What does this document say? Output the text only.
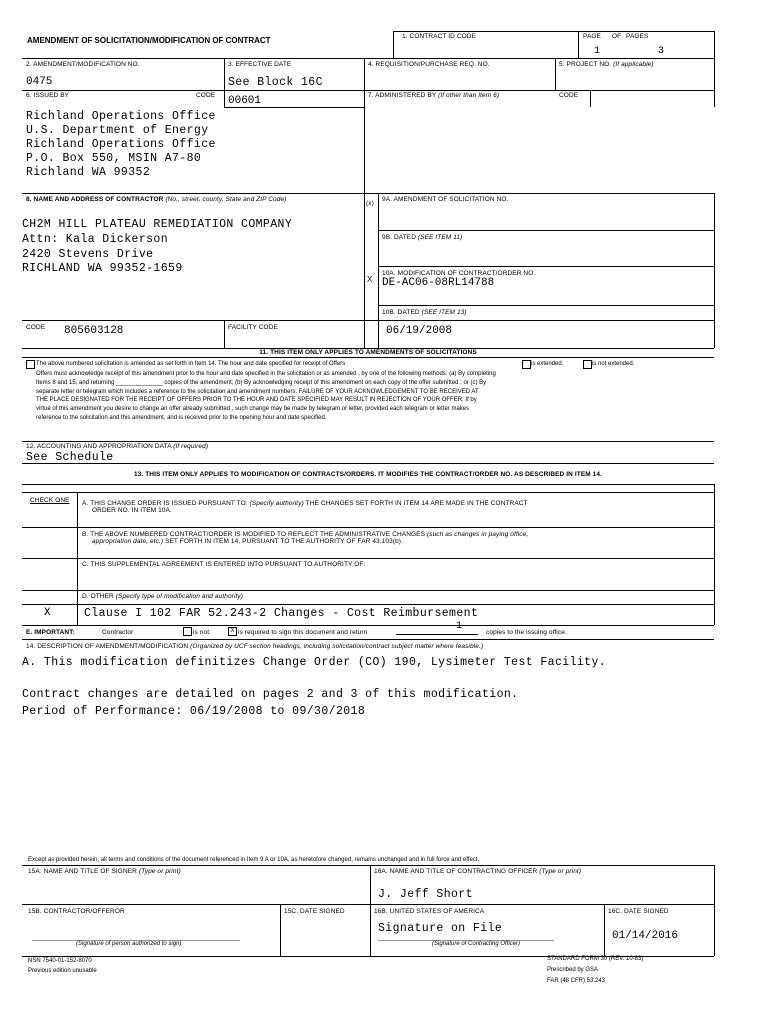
AMENDMENT OF SOLICITATION/MODIFICATION OF CONTRACT	1. CONTRACT ID CODE	PAGE OF PAGES
1	3
2. AMENDMENT/MODIFICATION NO.
0475
3. EFFECTIVE DATE
See Block 16C
4. REQUISITION/PURCHASE REQ. NO.	5. PROJECT NO. (If applicable)
6. ISSUED BY	CODE 00601	7. ADMINISTERED BY (If other than Item 6)	CODE
Richland Operations Office
U.S. Department of Energy
Richland Operations Office
P.O. Box 550, MSIN A7-80
Richland WA 99352
8. NAME AND ADDRESS OF CONTRACTOR (No., street, county, State and ZIP Code)
CH2M HILL PLATEAU REMEDIATION COMPANY
Attn: Kala Dickerson
2420 Stevens Drive
RICHLAND WA 99352-1659
CODE 805603128	FACILITY CODE
(x)
9A. AMENDMENT OF SOLICITATION NO.
9B. DATED (SEE ITEM 11)
X
10A. MODIFICATION OF CONTRACT/ORDER NO.
DE-AC06-08RL14788
10B. DATED (SEE ITEM 13)
06/19/2008
11. THIS ITEM ONLY APPLIES TO AMENDMENTS OF SOLICITATIONS
The above numbered solicitation is amended as set forth in Item 14. The hour and date specified for receipt of Offers	is extended.	is not extended.
Offers must acknowledge receipt of this amendment prior to the hour and date specified in the solicitation or as amended , by one of the following methods: (a) By completing
Items 8 and 15, and returning ______________ copies of the amendment; (b) By acknowledging receipt of this amendment on each copy of the offer submitted ; or (c) By
separate letter or telegram which includes a reference to the solicitation and amendment numbers. FAILURE OF YOUR ACKNOWLEDGEMENT TO BE RECEIVED AT
THE PLACE DESIGNATED FOR THE RECEIPT OF OFFERS PRIOR TO THE HOUR AND DATE SPECIFIED MAY RESULT IN REJECTION OF YOUR OFFER. If by
virtue of this amendment you desire to change an offer already submitted , such change may be made by telegram or letter, provided each telegram or letter makes
reference to the solicitation and this amendment, and is received prior to the opening hour and date specified.
12. ACCOUNTING AND APPROPRIATION DATA (If required)
See Schedule
13. THIS ITEM ONLY APPLIES TO MODIFICATION OF CONTRACTS/ORDERS. IT MODIFIES THE CONTRACT/ORDER NO. AS DESCRIBED IN ITEM 14.
CHECK ONE A. THIS CHANGE ORDER IS ISSUED PURSUANT TO: (Specify authority) THE CHANGES SET FORTH IN ITEM 14 ARE MADE IN THE CONTRACT
ORDER NO. IN ITEM 10A.
B. THE ABOVE NUMBERED CONTRACT/ORDER IS MODIFIED TO REFLECT THE ADMINISTRATIVE CHANGES (such as changes in paying office,
appropriation date, etc.) SET FORTH IN ITEM 14, PURSUANT TO THE AUTHORITY OF FAR 43.103(b).
C. THIS SUPPLEMENTAL AGREEMENT IS ENTERED INTO PURSUANT TO AUTHORITY OF:
D. OTHER (Specify type of modification and authority)
X	Clause I 102 FAR 52.243-2 Changes - Cost Reimbursement
E. IMPORTANT:	Contractor	is not.	X is required to sign this document and return
1
copies to the issuing office.
14. DESCRIPTION OF AMENDMENT/MODIFICATION (Organized by UCF section headings, including solicitation/contract subject matter where feasible.)
A. This modification definitizes Change Order (CO) 190, Lysimeter Test Facility.
Contract changes are detailed on pages 2 and 3 of this modification.
Period of Performance: 06/19/2008 to 09/30/2018
Except as provided herein, all terms and conditions of the document referenced in Item 9 A or 10A, as heretofore changed, remains unchanged and in full force and effect.
15A. NAME AND TITLE OF SIGNER (Type or print)	16A. NAME AND TITLE OF CONTRACTING OFFICER (Type or print)
J. Jeff Short
15B. CONTRACTOR/OFFEROR	15C. DATE SIGNED	16B. UNITED STATES OF AMERICA	16C. DATE SIGNED
Signature on File
01/14/2016
(Signature of person authorized to sign)	(Signature of Contracting Officer)
NSN 7540-01-152-8070
Previous edition unusable
STANDARD FORM 30 (REV. 10-83)
Prescribed by GSA
FAR (48 CFR) 53.243
